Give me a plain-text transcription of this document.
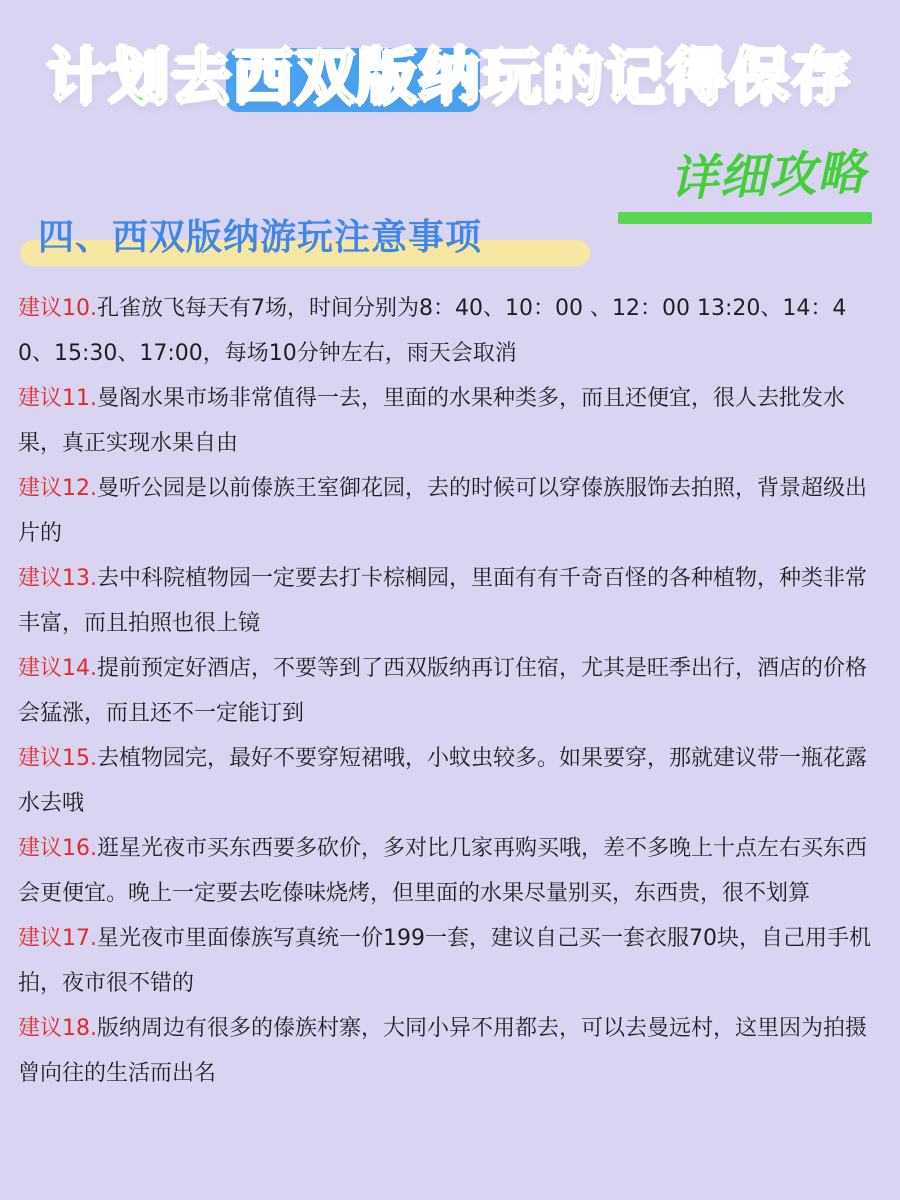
计划去西双版纳玩的记得保存
详细攻略
四、西双版纳游玩注意事项

建议10.孔雀放飞每天有7场，时间分别为8：40、10：00 、12：00 13:20、14：40、15:30、17:00，每场10分钟左右，雨天会取消

建议11.曼阁水果市场非常值得一去，里面的水果种类多，而且还便宜，很人去批发水果，真正实现水果自由

建议12.曼听公园是以前傣族王室御花园，去的时候可以穿傣族服饰去拍照，背景超级出片的

建议13.去中科院植物园一定要去打卡棕榈园，里面有有千奇百怪的各种植物，种类非常丰富，而且拍照也很上镜

建议14.提前预定好酒店，不要等到了西双版纳再订住宿，尤其是旺季出行，酒店的价格会猛涨，而且还不一定能订到

建议15.去植物园完，最好不要穿短裙哦，小蚊虫较多。如果要穿，那就建议带一瓶花露水去哦

建议16.逛星光夜市买东西要多砍价，多对比几家再购买哦，差不多晚上十点左右买东西会更便宜。晚上一定要去吃傣味烧烤，但里面的水果尽量别买，东西贵，很不划算

建议17.星光夜市里面傣族写真统一价199一套，建议自己买一套衣服70块，自己用手机拍，夜市很不错的

建议18.版纳周边有很多的傣族村寨，大同小异不用都去，可以去曼远村，这里因为拍摄曾向往的生活而出名
